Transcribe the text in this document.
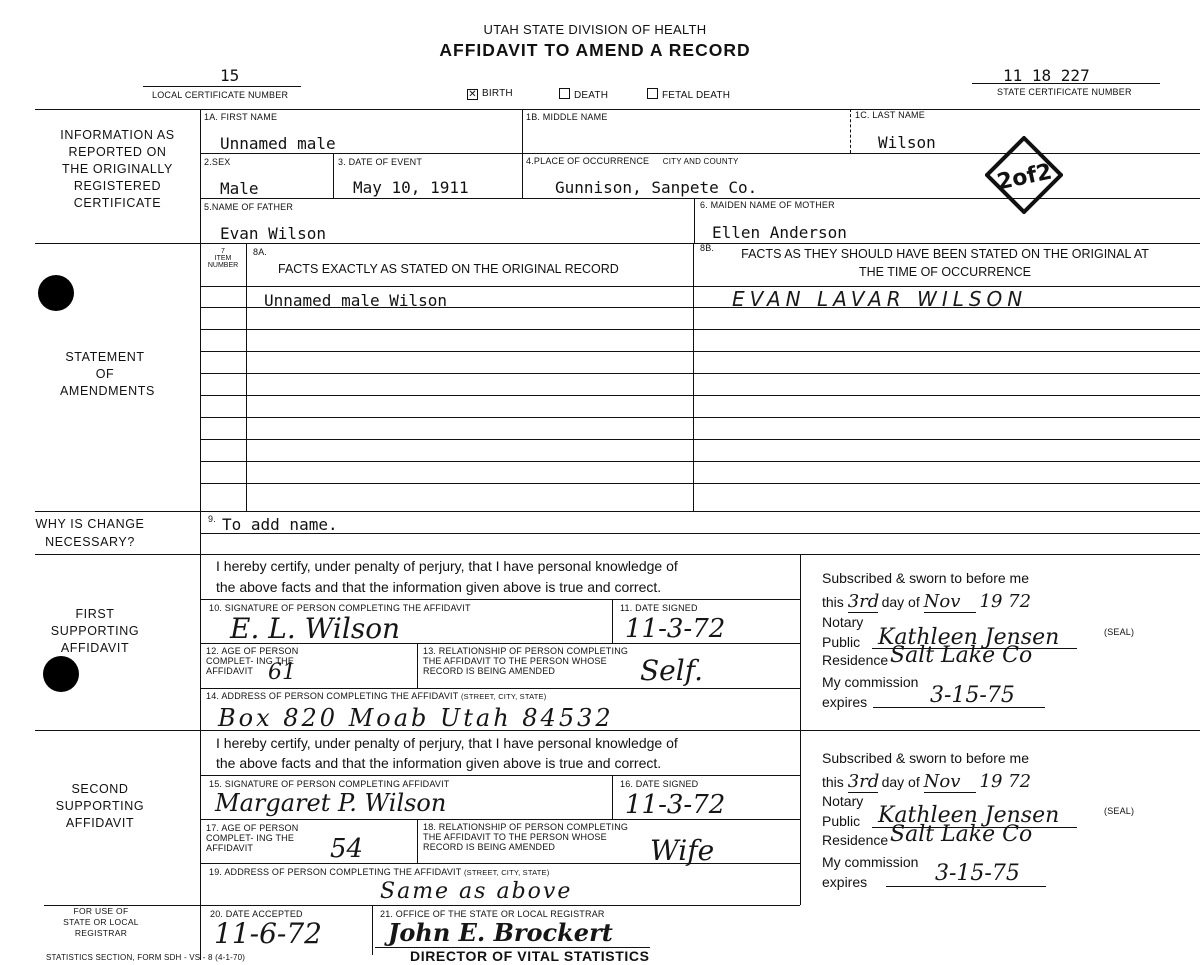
UTAH STATE DIVISION OF HEALTH
AFFIDAVIT TO AMEND A RECORD
15
LOCAL CERTIFICATE NUMBER
11 18 227
STATE CERTIFICATE NUMBER
✕ BIRTH	DEATH	FETAL DEATH
INFORMATION AS REPORTED ON THE ORIGINALLY REGISTERED CERTIFICATE
1A. FIRST NAME
Unnamed male
1B. MIDDLE NAME	1C. LAST NAME
Wilson
2.SEX
Male
3. DATE OF EVENT
May 10, 1911
4.PLACE OF OCCURRENCE CITY AND COUNTY
Gunnison, Sanpete Co.	2of2
5.NAME OF FATHER
Evan Wilson
6. MAIDEN NAME OF MOTHER
Ellen Anderson
STATEMENT OF AMENDMENTS
7
ITEM NUMBER
8A.
FACTS EXACTLY AS STATED ON THE ORIGINAL RECORD
8B.	FACTS AS THEY SHOULD HAVE BEEN STATED ON THE ORIGINAL AT THE TIME OF OCCURRENCE
Unnamed male Wilson	EVAN LAVAR WILSON
WHY IS CHANGE NECESSARY?
9. To add name.
FIRST SUPPORTING AFFIDAVIT
I hereby certify, under penalty of perjury, that I have personal knowledge of
the above facts and that the information given above is true and correct.
10. SIGNATURE OF PERSON COMPLETING THE AFFIDAVIT
E. L. Wilson
11. DATE SIGNED
11-3-72
12. AGE OF PERSON COMPLET- ING THE AFFIDAVIT 61
13. RELATIONSHIP OF PERSON COMPLETING THE AFFIDAVIT TO THE PERSON WHOSE RECORD IS BEING AMENDED	Self.
14. ADDRESS OF PERSON COMPLETING THE AFFIDAVIT (STREET, CITY, STATE)
Box 820 Moab Utah 84532
Subscribed & sworn to before me
this 3rd day of Nov 19 72
Notary Public Kathleen Jensen	(SEAL)
Residence Salt Lake Co
My commission expires	3-15-75
SECOND SUPPORTING AFFIDAVIT
I hereby certify, under penalty of perjury, that I have personal knowledge of
the above facts and that the information given above is true and correct.
15. SIGNATURE OF PERSON COMPLETING AFFIDAVIT
Margaret P. Wilson
16. DATE SIGNED
11-3-72
17. AGE OF PERSON COMPLET- ING THE AFFIDAVIT	54
18. RELATIONSHIP OF PERSON COMPLETING THE AFFIDAVIT TO THE PERSON WHOSE RECORD IS BEING AMENDED	Wife
19. ADDRESS OF PERSON COMPLETING THE AFFIDAVIT (STREET, CITY, STATE)
Same as above
Subscribed & sworn to before me
this 3rd day of Nov 19 72
Notary Public Kathleen Jensen	(SEAL)
Residence Salt Lake Co
My commission expires	3-15-75
FOR USE OF STATE OR LOCAL REGISTRAR
20. DATE ACCEPTED
11-6-72
21. OFFICE OF THE STATE OR LOCAL REGISTRAR
John E. Brockert
DIRECTOR OF VITAL STATISTICS
STATISTICS SECTION, FORM SDH - VS - 8 (4-1-70)
